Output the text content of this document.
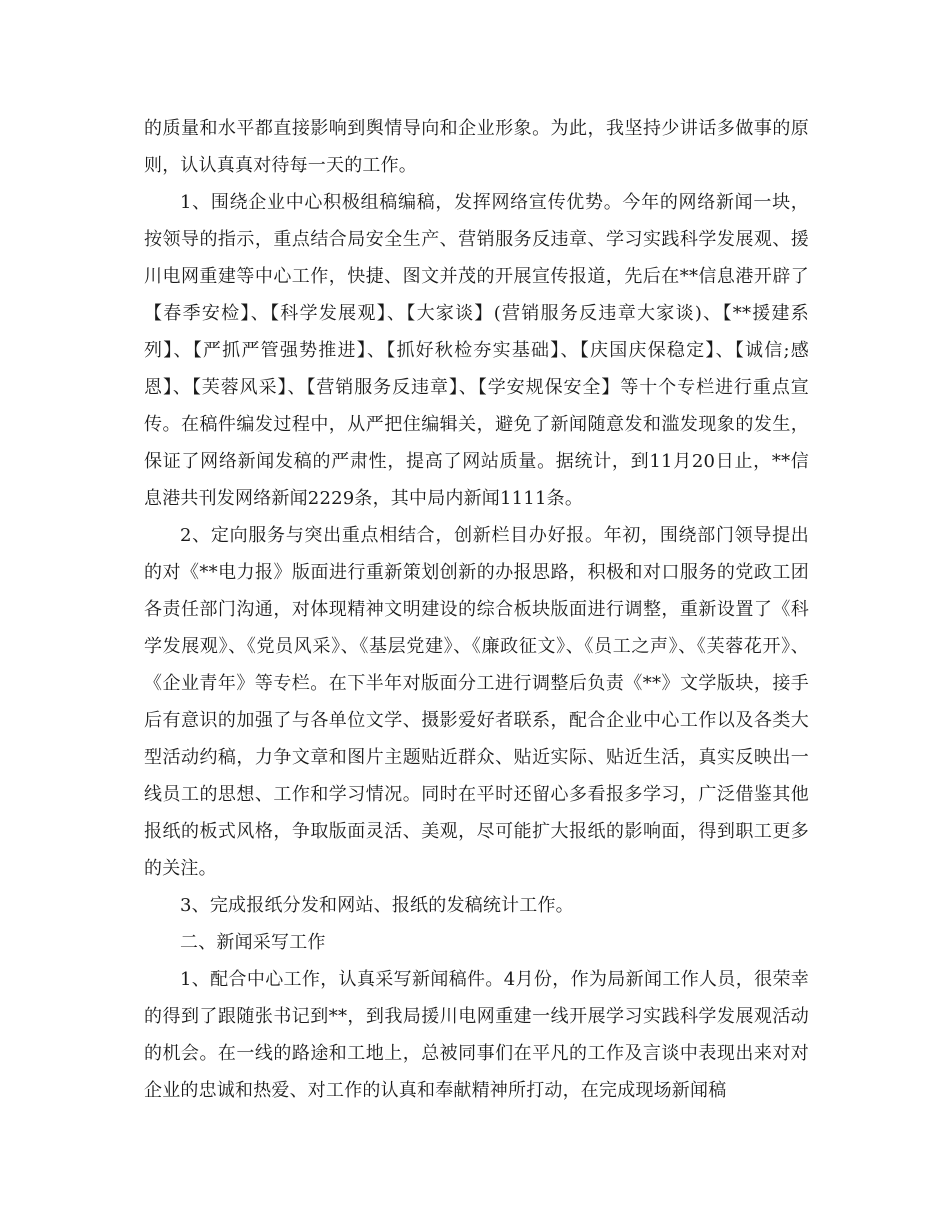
的质量和水平都直接影响到舆情导向和企业形象。为此，我坚持少讲话多做事的原则，认认真真对待每一天的工作。

1、围绕企业中心积极组稿编稿，发挥网络宣传优势。今年的网络新闻一块，按领导的指示，重点结合局安全生产、营销服务反违章、学习实践科学发展观、援川电网重建等中心工作，快捷、图文并茂的开展宣传报道，先后在**信息港开辟了【春季安检】、【科学发展观】、【大家谈】(营销服务反违章大家谈)、【**援建系列】、【严抓严管强势推进】、【抓好秋检夯实基础】、【庆国庆保稳定】、【诚信;感恩】、【芙蓉风采】、【营销服务反违章】、【学安规保安全】等十个专栏进行重点宣传。在稿件编发过程中，从严把住编辑关，避免了新闻随意发和滥发现象的发生，保证了网络新闻发稿的严肃性，提高了网站质量。据统计，到11月20日止，**信息港共刊发网络新闻2229条，其中局内新闻1111条。

2、定向服务与突出重点相结合，创新栏目办好报。年初，围绕部门领导提出的对《**电力报》版面进行重新策划创新的办报思路，积极和对口服务的党政工团各责任部门沟通，对体现精神文明建设的综合板块版面进行调整，重新设置了《科学发展观》、《党员风采》、《基层党建》、《廉政征文》、《员工之声》、《芙蓉花开》、《企业青年》等专栏。在下半年对版面分工进行调整后负责《**》文学版块，接手后有意识的加强了与各单位文学、摄影爱好者联系，配合企业中心工作以及各类大型活动约稿，力争文章和图片主题贴近群众、贴近实际、贴近生活，真实反映出一线员工的思想、工作和学习情况。同时在平时还留心多看报多学习，广泛借鉴其他报纸的板式风格，争取版面灵活、美观，尽可能扩大报纸的影响面，得到职工更多的关注。

3、完成报纸分发和网站、报纸的发稿统计工作。

二、新闻采写工作

1、配合中心工作，认真采写新闻稿件。4月份，作为局新闻工作人员，很荣幸的得到了跟随张书记到**，到我局援川电网重建一线开展学习实践科学发展观活动的机会。在一线的路途和工地上，总被同事们在平凡的工作及言谈中表现出来对对企业的忠诚和热爱、对工作的认真和奉献精神所打动，在完成现场新闻稿
